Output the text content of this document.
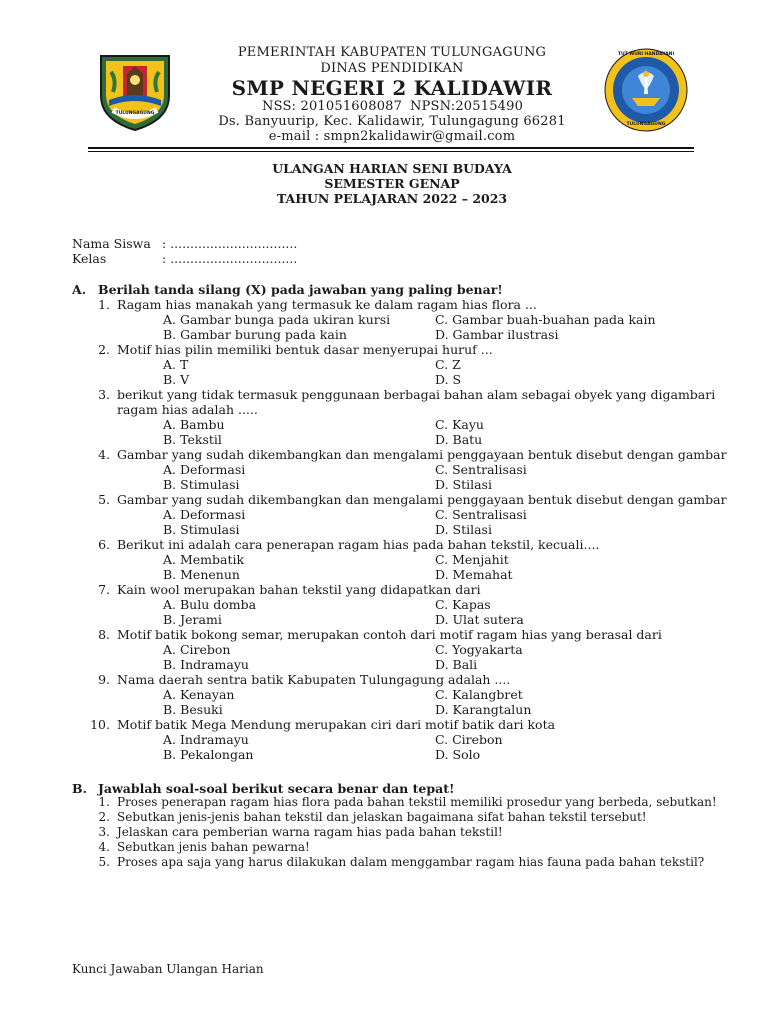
TULUNGAGUNG
TUT WURI HANDAYANI
TULUNGAGUNG
PEMERINTAH KABUPATEN TULUNGAGUNG
DINAS PENDIDIKAN
SMP NEGERI 2 KALIDAWIR
NSS: 201051608087 NPSN:20515490
Ds. Banyuurip, Kec. Kalidawir, Tulungagung 66281
e-mail : smpn2kalidawir@gmail.com
ULANGAN HARIAN SENI BUDAYA
SEMESTER GENAP
TAHUN PELAJARAN 2022 – 2023
Nama Siswa : ................................
Kelas	: ................................
A. Berilah tanda silang (X) pada jawaban yang paling benar!
1. Ragam hias manakah yang termasuk ke dalam ragam hias flora ...
A. Gambar bunga pada ukiran kursi	C. Gambar buah-buahan pada kain
B. Gambar burung pada kain	D. Gambar ilustrasi
2. Motif hias pilin memiliki bentuk dasar menyerupai huruf ...
A. T	C. Z
B. V	D. S
3. berikut yang tidak termasuk penggunaan berbagai bahan alam sebagai obyek yang digambari
ragam hias adalah .....
A. Bambu	C. Kayu
B. Tekstil	D. Batu
4. Gambar yang sudah dikembangkan dan mengalami penggayaan bentuk disebut dengan gambar
A. Deformasi	C. Sentralisasi
B. Stimulasi	D. Stilasi
5. Gambar yang sudah dikembangkan dan mengalami penggayaan bentuk disebut dengan gambar
A. Deformasi	C. Sentralisasi
B. Stimulasi	D. Stilasi
6. Berikut ini adalah cara penerapan ragam hias pada bahan tekstil, kecuali....
A. Membatik	C. Menjahit
B. Menenun	D. Memahat
7. Kain wool merupakan bahan tekstil yang didapatkan dari
A. Bulu domba	C. Kapas
B. Jerami	D. Ulat sutera
8. Motif batik bokong semar, merupakan contoh dari motif ragam hias yang berasal dari
A. Cirebon	C. Yogyakarta
B. Indramayu	D. Bali
9. Nama daerah sentra batik Kabupaten Tulungagung adalah ....
A. Kenayan	C. Kalangbret
B. Besuki	D. Karangtalun
10. Motif batik Mega Mendung merupakan ciri dari motif batik dari kota
A. Indramayu	C. Cirebon
B. Pekalongan	D. Solo
B. Jawablah soal-soal berikut secara benar dan tepat!
1. Proses penerapan ragam hias flora pada bahan tekstil memiliki prosedur yang berbeda, sebutkan!
2. Sebutkan jenis-jenis bahan tekstil dan jelaskan bagaimana sifat bahan tekstil tersebut!
3. Jelaskan cara pemberian warna ragam hias pada bahan tekstil!
4. Sebutkan jenis bahan pewarna!
5. Proses apa saja yang harus dilakukan dalam menggambar ragam hias fauna pada bahan tekstil?
Kunci Jawaban Ulangan Harian
